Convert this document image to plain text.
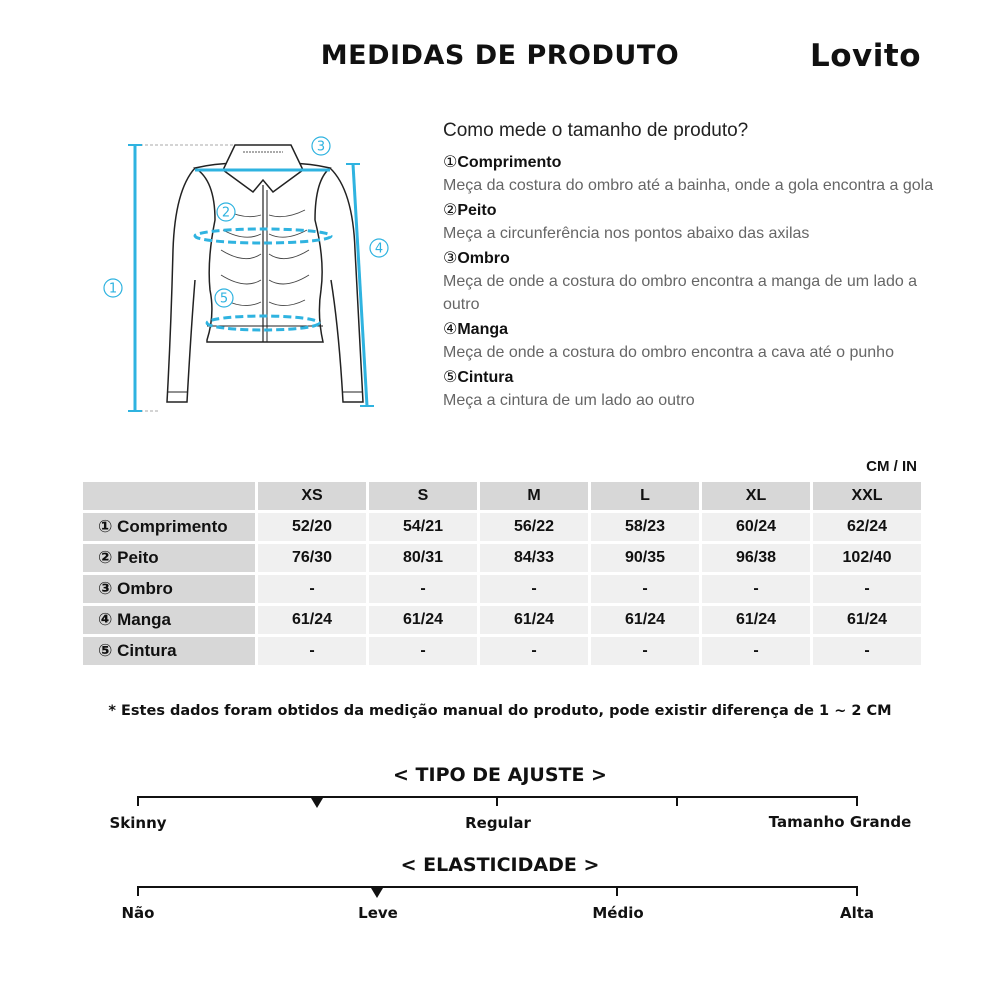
MEDIDAS DE PRODUTO	Lovito
1
2
3
4
5
Como mede o tamanho de produto?
①Comprimento
Meça da costura do ombro até a bainha, onde a gola encontra a gola
②Peito
Meça a circunferência nos pontos abaixo das axilas
③Ombro
Meça de onde a costura do ombro encontra a manga de um lado a outro
④Manga
Meça de onde a costura do ombro encontra a cava até o punho
⑤Cintura
Meça a cintura de um lado ao outro
CM / IN
	XS	S	M	L	XL	XXL
① Comprimento	52/20	54/21	56/22	58/23	60/24	62/24
② Peito	76/30	80/31	84/33	90/35	96/38	102/40
③ Ombro	-	-	-	-	-	-
④ Manga	61/24	61/24	61/24	61/24	61/24	61/24
⑤ Cintura	-	-	-	-	-	-
* Estes dados foram obtidos da medição manual do produto, pode existir diferença de 1 ~ 2 CM
< TIPO DE AJUSTE >
Skinny	Regular	Tamanho Grande
< ELASTICIDADE >
Não	Leve	Médio	Alta
